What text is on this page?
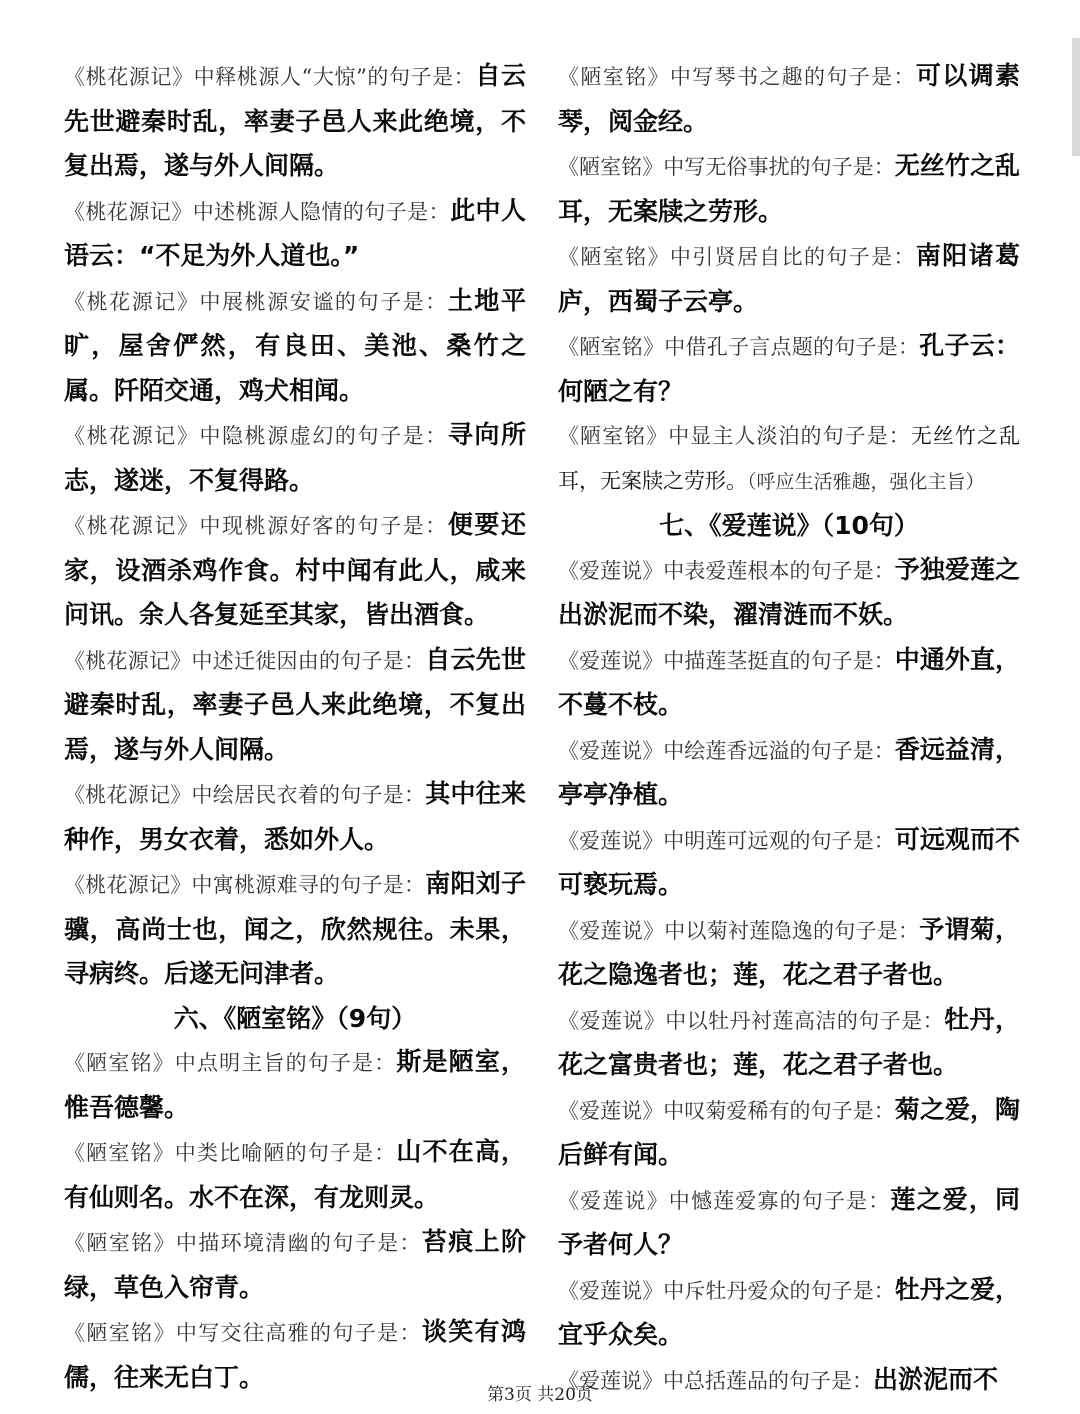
《桃花源记》中释桃源人“大惊”的句子是：自云先世避秦时乱，率妻子邑人来此绝境，不复出焉，遂与外人间隔。
《桃花源记》中述桃源人隐情的句子是：此中人语云：“不足为外人道也。”
《桃花源记》中展桃源安谧的句子是：土地平旷，屋舍俨然，有良田、美池、桑竹之属。阡陌交通，鸡犬相闻。
《桃花源记》中隐桃源虚幻的句子是：寻向所志，遂迷，不复得路。
《桃花源记》中现桃源好客的句子是：便要还家，设酒杀鸡作食。村中闻有此人，咸来问讯。余人各复延至其家，皆出酒食。
《桃花源记》中述迁徙因由的句子是：自云先世避秦时乱，率妻子邑人来此绝境，不复出焉，遂与外人间隔。
《桃花源记》中绘居民衣着的句子是：其中往来种作，男女衣着，悉如外人。
《桃花源记》中寓桃源难寻的句子是：南阳刘子骥，高尚士也，闻之，欣然规往。未果，寻病终。后遂无问津者。
六、《陋室铭》（9句）
《陋室铭》中点明主旨的句子是：斯是陋室，惟吾德馨。
《陋室铭》中类比喻陋的句子是：山不在高，有仙则名。水不在深，有龙则灵。
《陋室铭》中描环境清幽的句子是：苔痕上阶绿，草色入帘青。
《陋室铭》中写交往高雅的句子是：谈笑有鸿儒，往来无白丁。
《陋室铭》中写琴书之趣的句子是：可以调素琴，阅金经。
《陋室铭》中写无俗事扰的句子是：无丝竹之乱耳，无案牍之劳形。
《陋室铭》中引贤居自比的句子是：南阳诸葛庐，西蜀子云亭。
《陋室铭》中借孔子言点题的句子是：孔子云：何陋之有？
《陋室铭》中显主人淡泊的句子是：无丝竹之乱耳，无案牍之劳形。（呼应生活雅趣，强化主旨）
七、《爱莲说》（10句）
《爱莲说》中表爱莲根本的句子是：予独爱莲之出淤泥而不染，濯清涟而不妖。
《爱莲说》中描莲茎挺直的句子是：中通外直，不蔓不枝。
《爱莲说》中绘莲香远溢的句子是：香远益清，亭亭净植。
《爱莲说》中明莲可远观的句子是：可远观而不可亵玩焉。
《爱莲说》中以菊衬莲隐逸的句子是：予谓菊，花之隐逸者也；莲，花之君子者也。
《爱莲说》中以牡丹衬莲高洁的句子是：牡丹，花之富贵者也；莲，花之君子者也。
《爱莲说》中叹菊爱稀有的句子是：菊之爱，陶后鲜有闻。
《爱莲说》中憾莲爱寡的句子是：莲之爱，同予者何人？
《爱莲说》中斥牡丹爱众的句子是：牡丹之爱，宜乎众矣。
《爱莲说》中总括莲品的句子是：出淤泥而不
第3页 共20页
